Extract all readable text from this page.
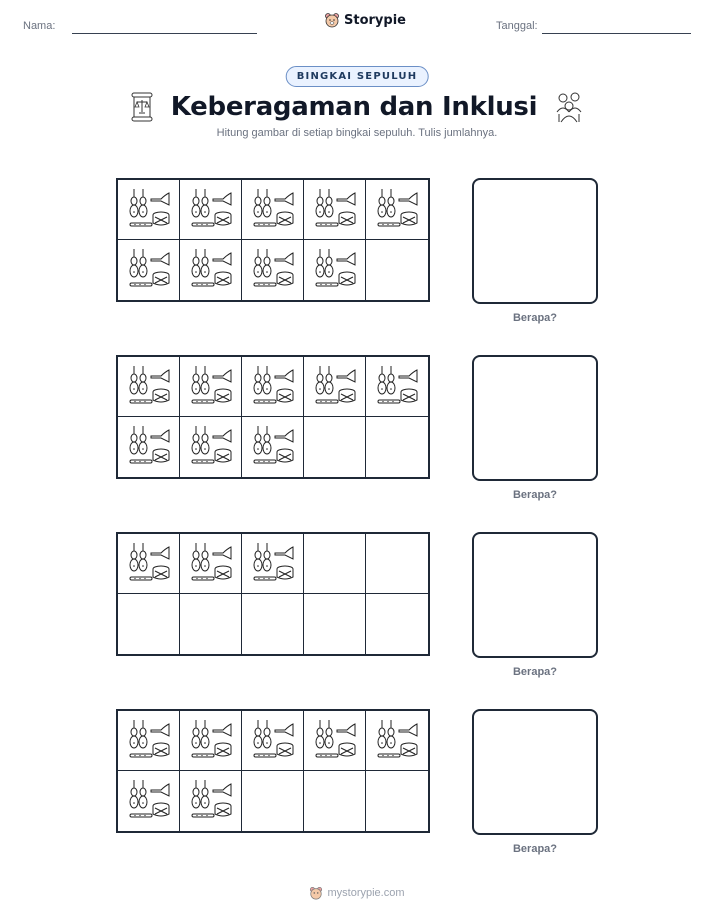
Nama:	Storypie	Tanggal:
BINGKAI SEPULUH
Keberagaman dan Inklusi
Hitung gambar di setiap bingkai sepuluh. Tulis jumlahnya.
Berapa?
Berapa?
Berapa?
Berapa?
mystorypie.com
